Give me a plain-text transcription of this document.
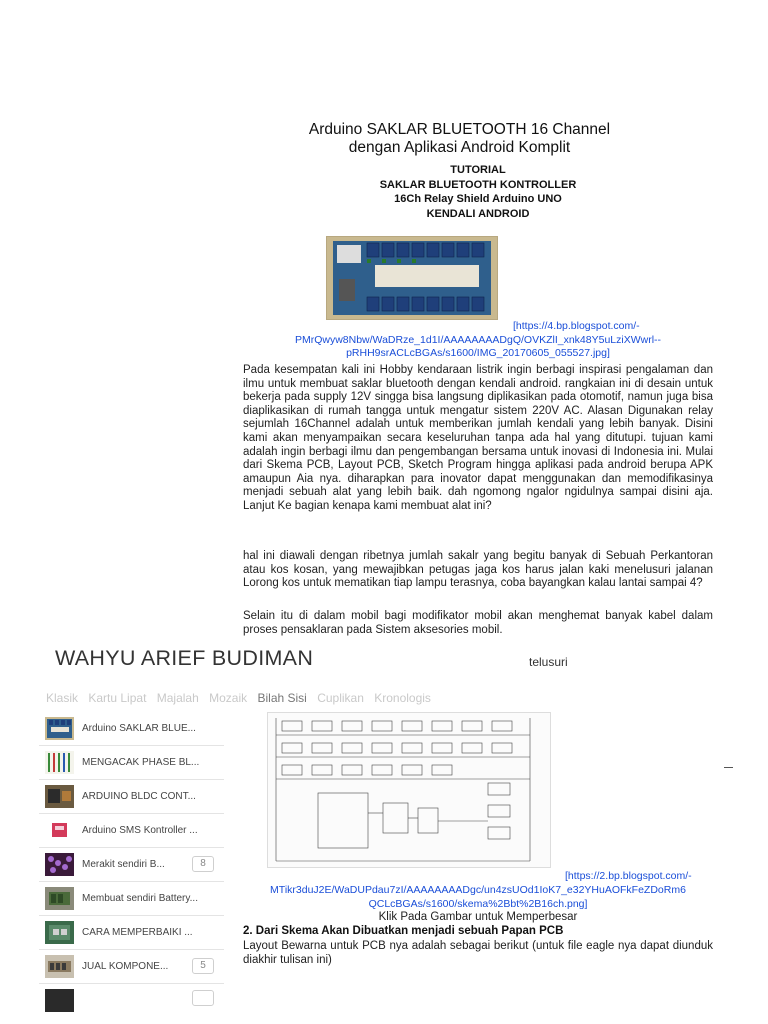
Arduino SAKLAR BLUETOOTH 16 Channel
dengan Aplikasi Android Komplit
TUTORIAL
SAKLAR BLUETOOTH KONTROLLER
16Ch Relay Shield Arduino UNO
KENDALI ANDROID
[https://4.bp.blogspot.com/-
PMrQwyw8Nbw/WaDRze_1d1I/AAAAAAAADgQ/OVKZlI_xnk48Y5uLziXWwrl--
pRHH9srACLcBGAs/s1600/IMG_20170605_055527.jpg]
Pada kesempatan kali ini Hobby kendaraan listrik ingin berbagi inspirasi pengalaman dan ilmu untuk membuat saklar bluetooth dengan kendali android. rangkaian ini di desain untuk bekerja pada supply 12V singga bisa langsung diplikasikan pada otomotif, namun juga bisa diaplikasikan di rumah tangga untuk mengatur sistem 220V AC. Alasan Digunakan relay sejumlah 16Channel adalah untuk memberikan jumlah kendali yang lebih banyak. Disini kami akan menyampaikan secara keseluruhan tanpa ada hal yang ditutupi. tujuan kami adalah ingin berbagi ilmu dan pengembangan bersama untuk inovasi di Indonesia ini. Mulai dari Skema PCB, Layout PCB, Sketch Program hingga aplikasi pada android berupa APK amaupun Aia nya. diharapkan para inovator dapat menggunakan dan memodifikasinya menjadi sebuah alat yang lebih baik. dah ngomong ngalor ngidulnya sampai disini aja. Lanjut Ke bagian kenapa kami membuat alat ini?
hal ini diawali dengan ribetnya jumlah sakalr yang begitu banyak di Sebuah Perkantoran atau kos kosan, yang mewajibkan petugas jaga kos harus jalan kaki menelusuri jalanan Lorong kos untuk mematikan tiap lampu terasnya, coba bayangkan kalau lantai sampai 4?
Selain itu di dalam mobil bagi modifikator mobil akan menghemat banyak kabel dalam proses pensaklaran pada Sistem aksesories mobil.
WAHYU ARIEF BUDIMAN	telusuri
Klasik Kartu Lipat Majalah Mozaik Bilah Sisi Cuplikan Kronologis
Arduino SAKLAR BLUE...
MENGACAK PHASE BL...
ARDUINO BLDC CONT...
Arduino SMS Kontroller ...
Merakit sendiri B...	8
Membuat sendiri Battery...
CARA MEMPERBAIKI ...
JUAL KOMPONE...	5
[https://2.bp.blogspot.com/-
MTikr3duJ2E/WaDUPdau7zI/AAAAAAAADgc/un4zsUOd1IoK7_e32YHuAOFkFeZDoRm6
QCLcBGAs/s1600/skema%2Bbt%2B16ch.png]
Klik Pada Gambar untuk Memperbesar
2. Dari Skema Akan Dibuatkan menjadi sebuah Papan PCB
Layout Bewarna untuk PCB nya adalah sebagai berikut (untuk file eagle nya dapat diunduk diakhir tulisan ini)
